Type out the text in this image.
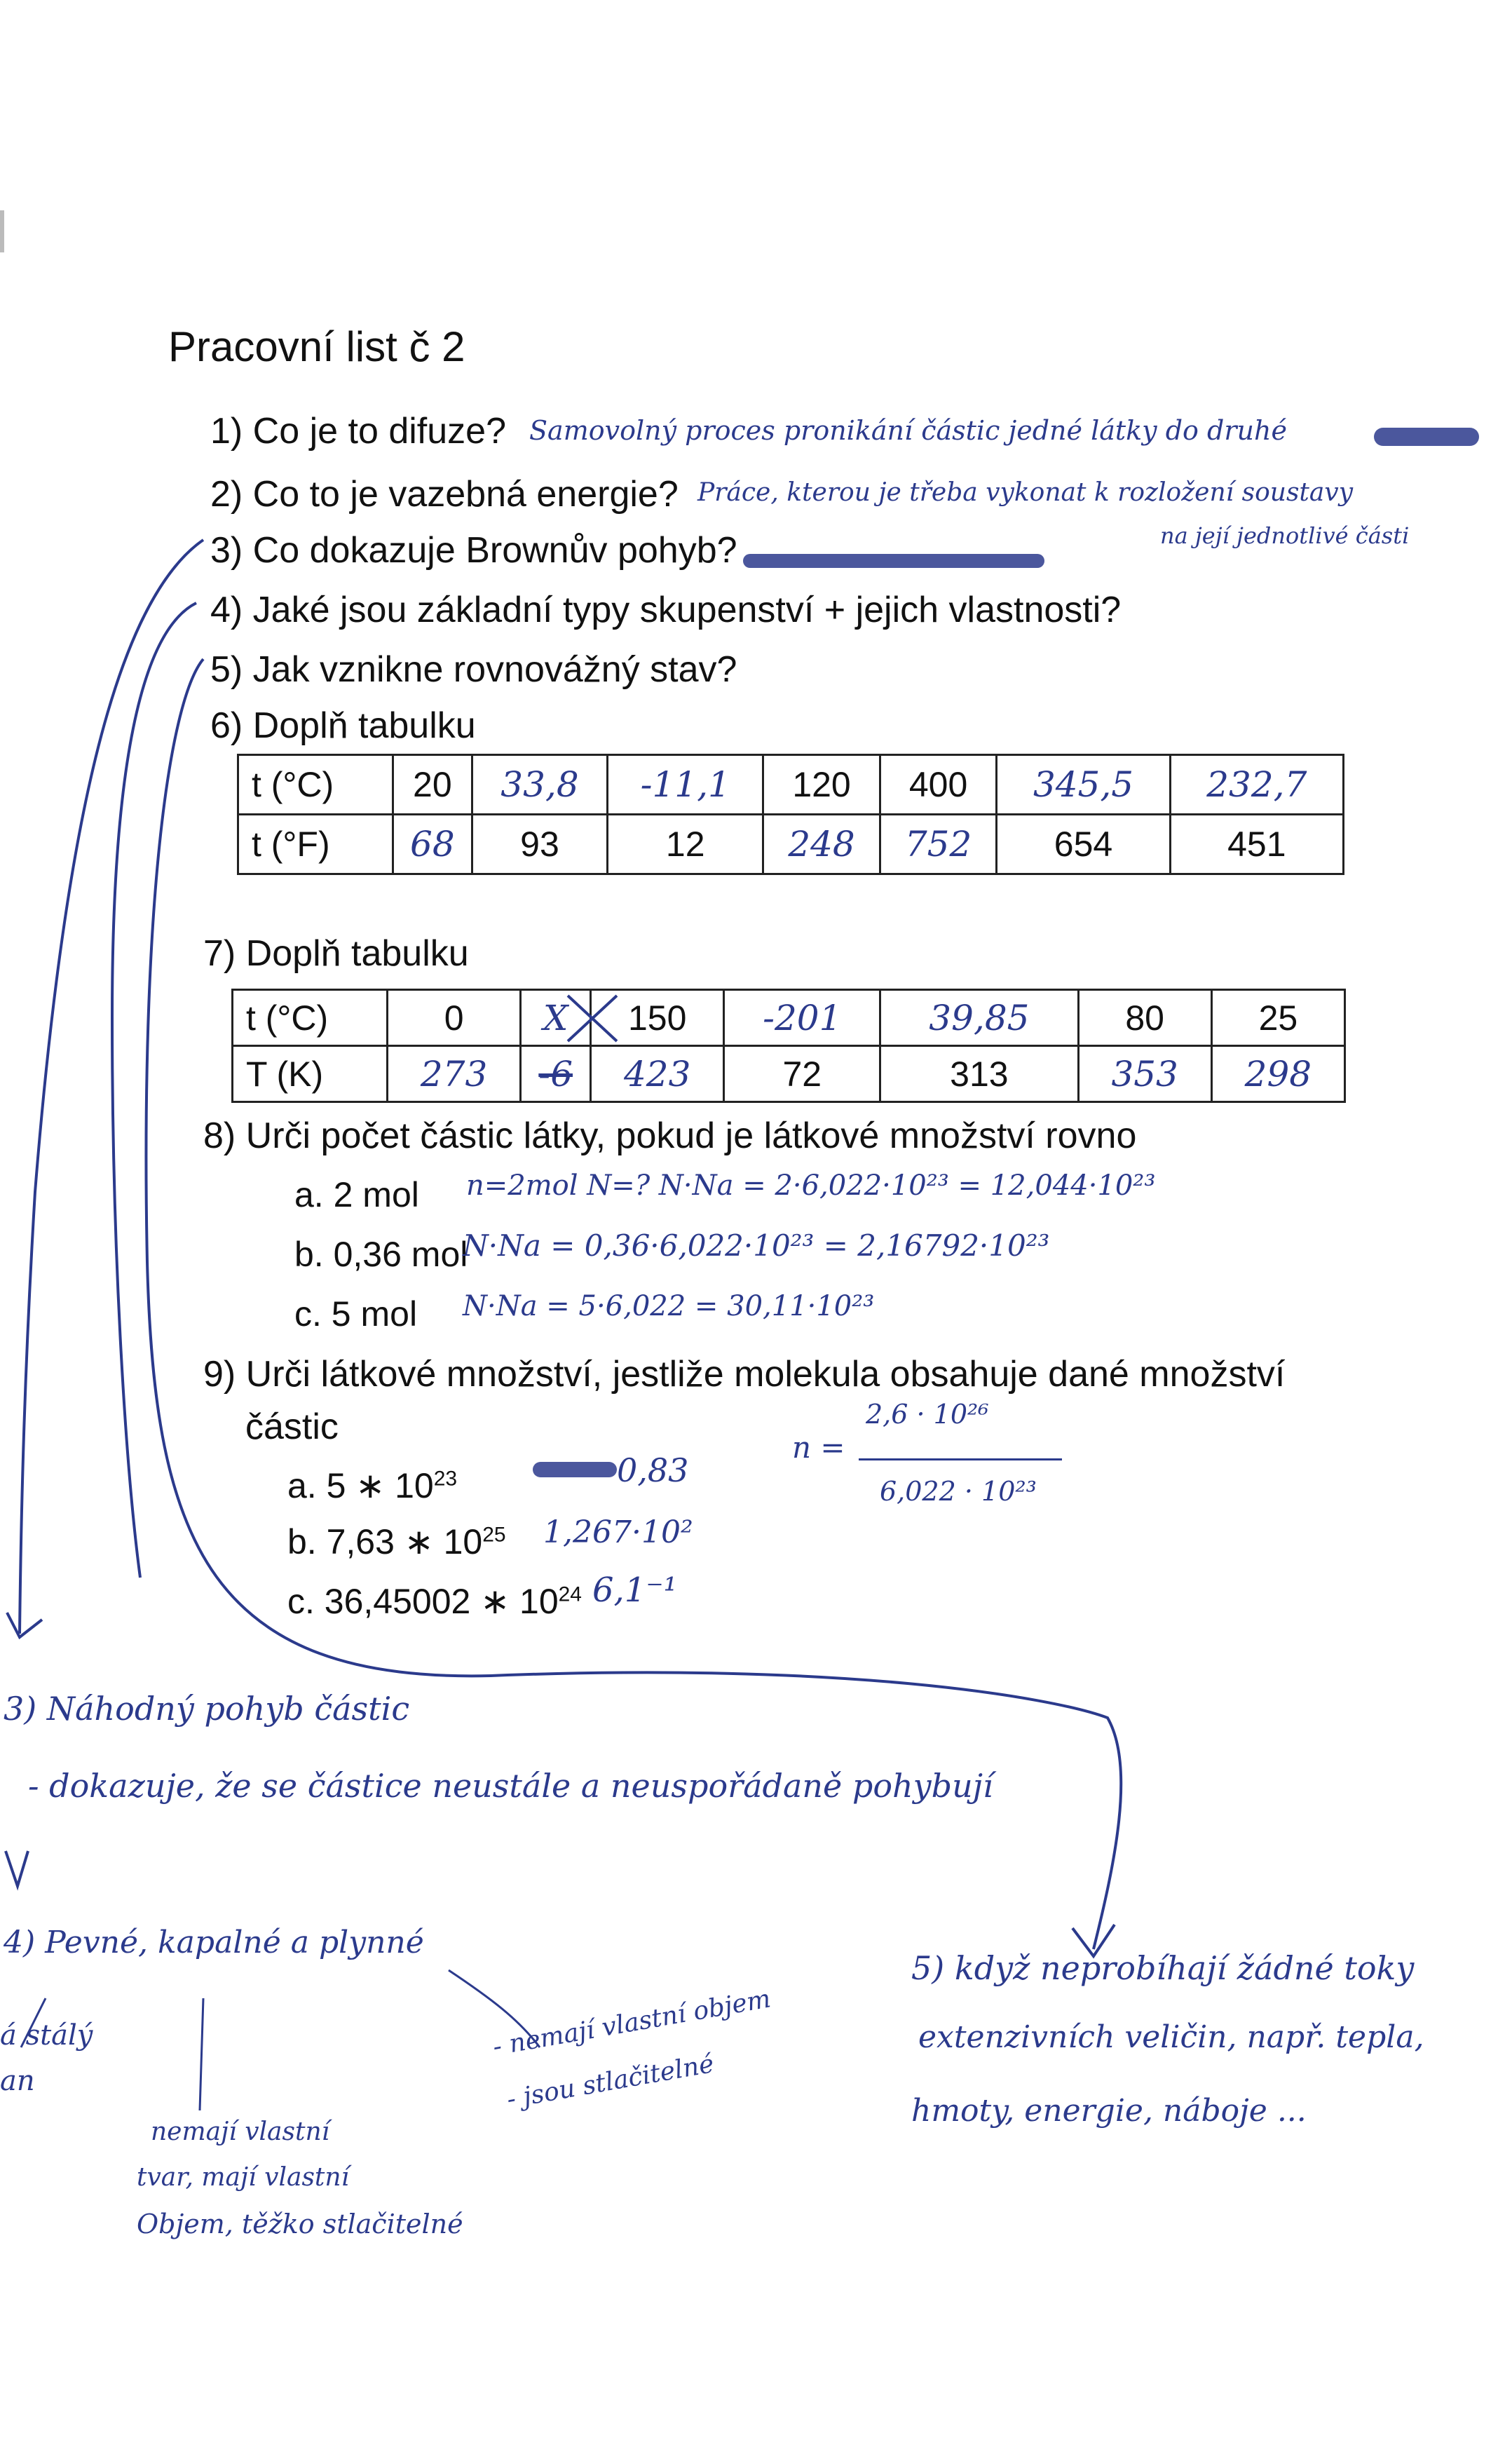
Pracovní list č 2
1) Co je to difuze? Samovolný proces pronikání částic jedné látky do druhé
2) Co to je vazebná energie? Práce, kterou je třeba vykonat k rozložení soustavy
na její jednotlivé části
3) Co dokazuje Brownův pohyb?
4) Jaké jsou základní typy skupenství + jejich vlastnosti?
5) Jak vznikne rovnovážný stav?
6) Doplň tabulku
t (°C)	20	33,8	-11,1	120	400	345,5	232,7
t (°F)	68	93	12	248	752	654	451
7) Doplň tabulku
t (°C)	0	X	150	-201	39,85	80	25
T (K)	273	-6	423	72	313	353	298
8) Urči počet částic látky, pokud je látkové množství rovno
a. 2 mol n=2mol N=? N·Na = 2·6,022·10²³ = 12,044·10²³
b. 0,36 mol
N·Na = 0,36·6,022·10²³ = 2,16792·10²³
c. 5 mol N·Na = 5·6,022 = 30,11·10²³
9) Urči látkové množství, jestliže molekula obsahuje dané množství
částic
a. 5 ∗ $10^{23}$	0,83
b. 7,63 ∗ $10^{25}$ 1,267·10²
c. 36,45002 ∗ $10^{24}$ 6,1⁻¹
n =
2,6 · 10²⁶
6,022 · 10²³
3) Náhodný pohyb částic
- dokazuje, že se částice neustále a neuspořádaně pohybují
4) Pevné, kapalné a plynné
á stálý
an
nemají vlastní
tvar, mají vlastní
Objem, těžko stlačitelné
- nemají vlastní objem
- jsou stlačitelné
5) když neprobíhají žádné toky
extenzivních veličin, např. tepla,
hmoty, energie, náboje ...
